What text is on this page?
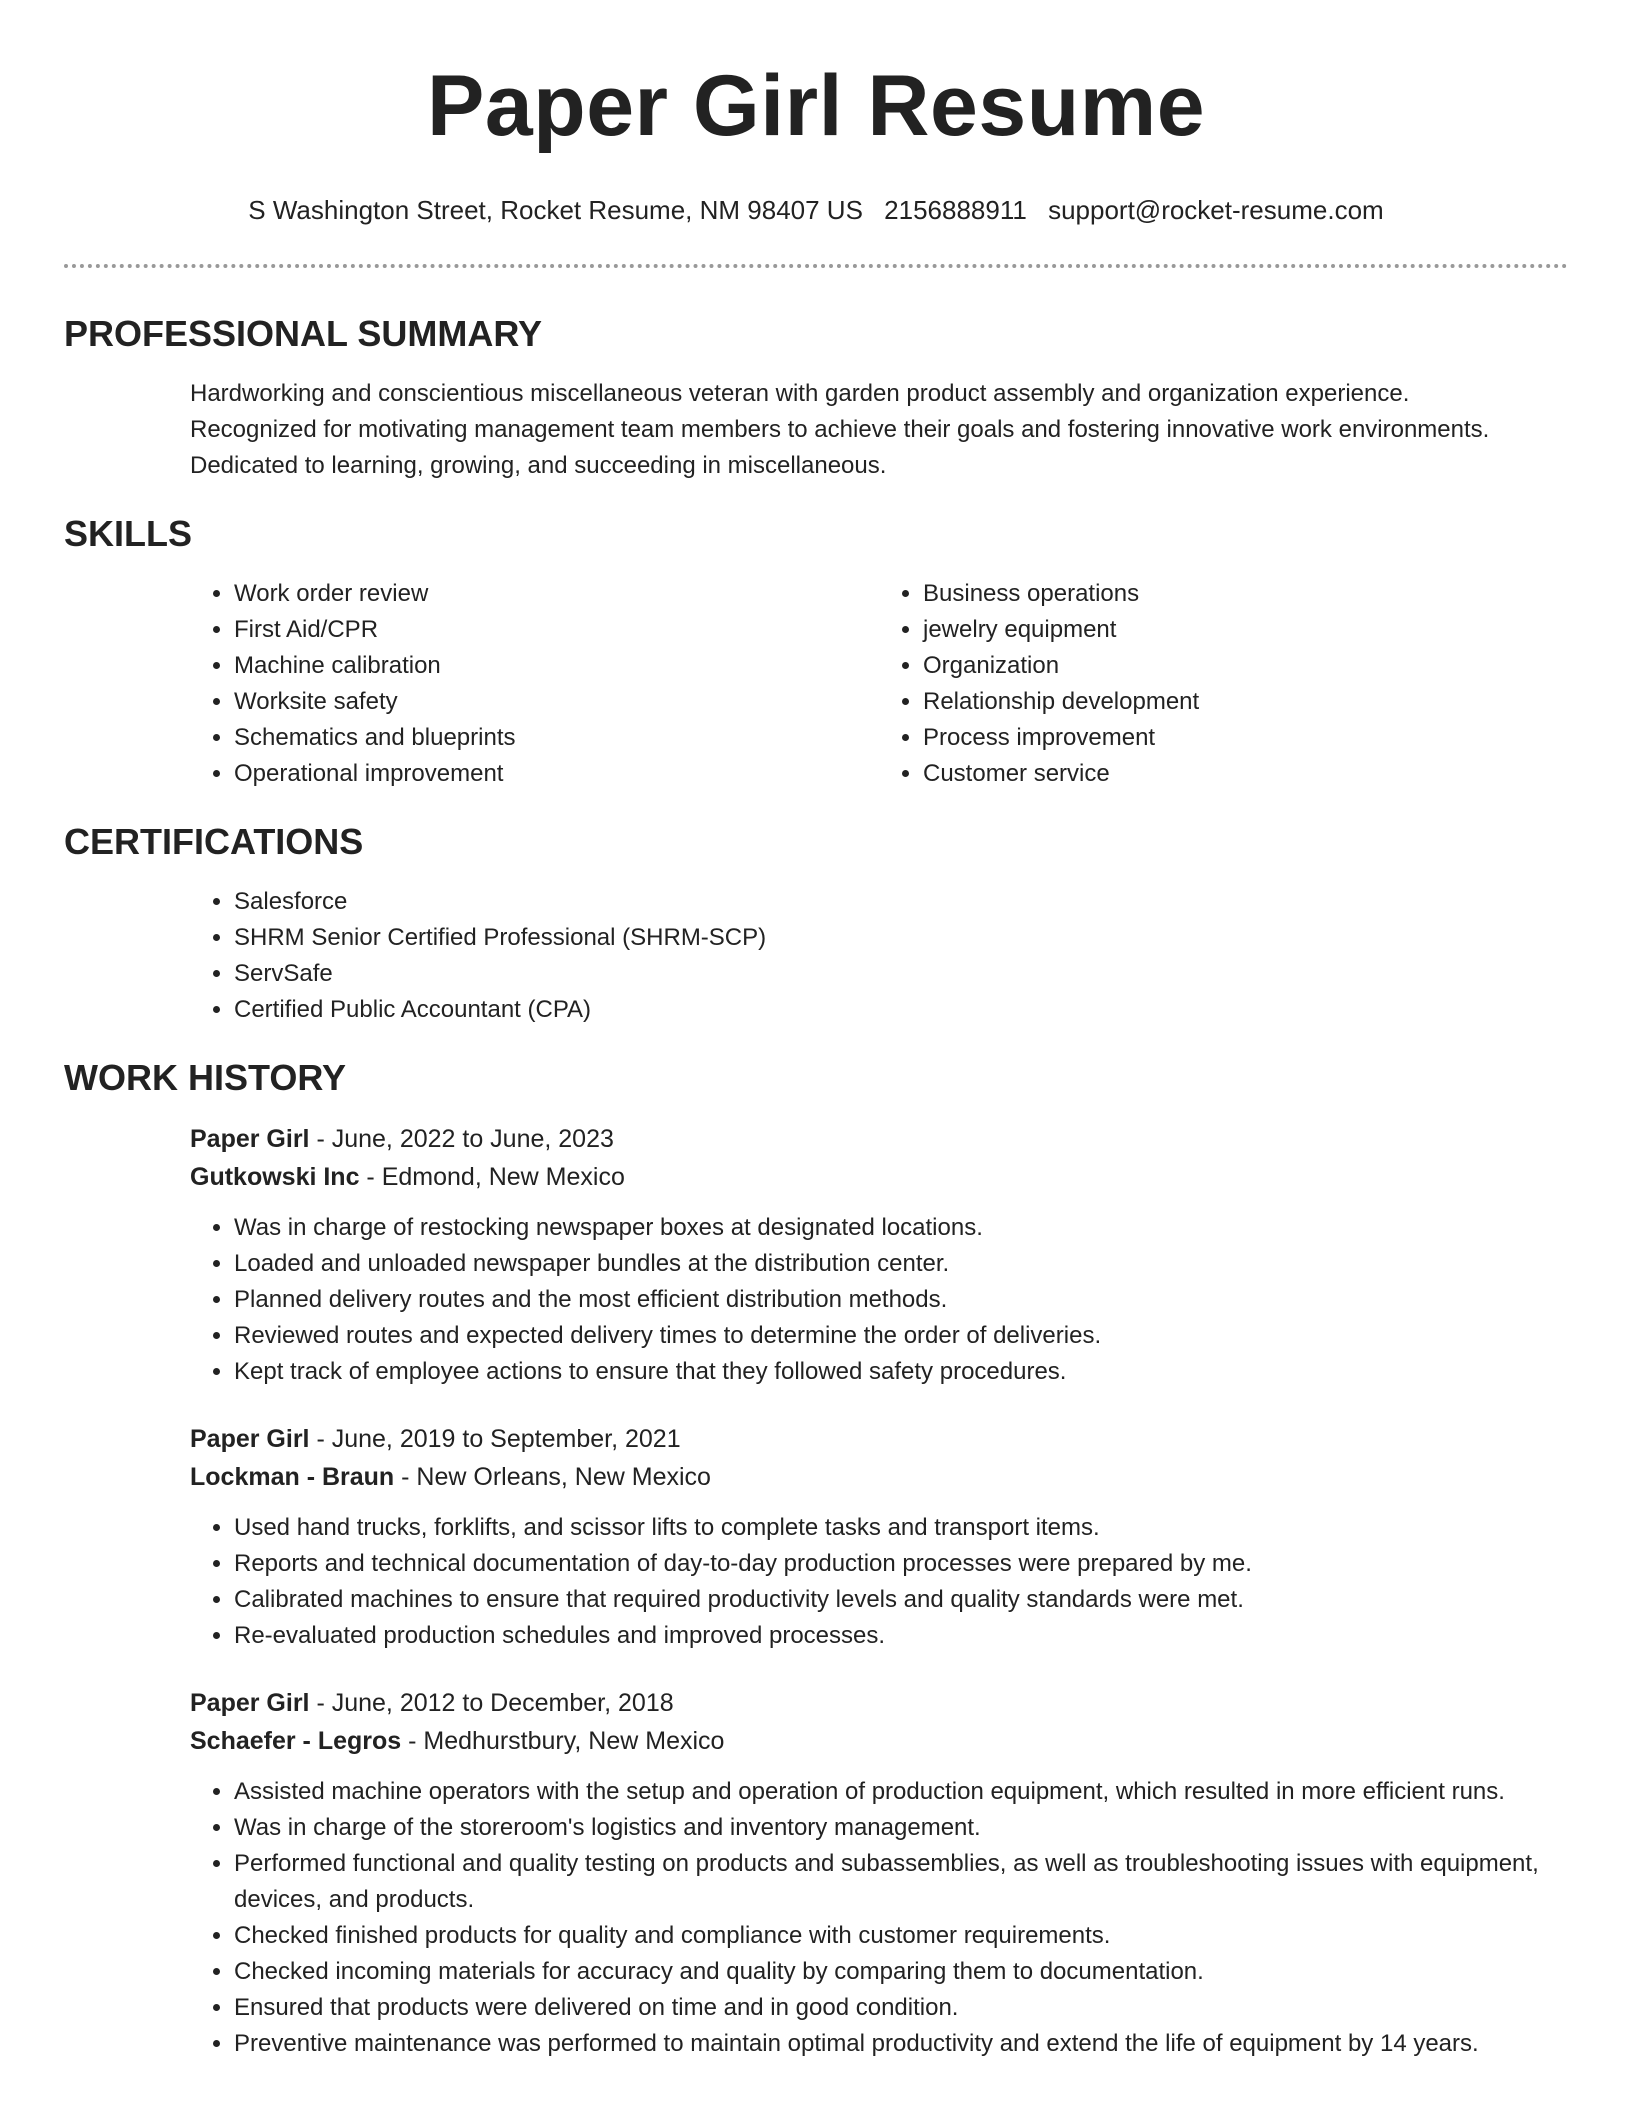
Paper Girl Resume
S Washington Street, Rocket Resume, NM 98407 US 2156888911 support@rocket-resume.com
PROFESSIONAL SUMMARY
Hardworking and conscientious miscellaneous veteran with garden product assembly and organization experience.
Recognized for motivating management team members to achieve their goals and fostering innovative work environments.
Dedicated to learning, growing, and succeeding in miscellaneous.
SKILLS
• Work order review
• First Aid/CPR
• Machine calibration
• Worksite safety
• Schematics and blueprints
• Operational improvement
• Business operations
• jewelry equipment
• Organization
• Relationship development
• Process improvement
• Customer service
CERTIFICATIONS
• Salesforce
• SHRM Senior Certified Professional (SHRM-SCP)
• ServSafe
• Certified Public Accountant (CPA)
WORK HISTORY
Paper Girl - June, 2022 to June, 2023
Gutkowski Inc - Edmond, New Mexico
• Was in charge of restocking newspaper boxes at designated locations.
• Loaded and unloaded newspaper bundles at the distribution center.
• Planned delivery routes and the most efficient distribution methods.
• Reviewed routes and expected delivery times to determine the order of deliveries.
• Kept track of employee actions to ensure that they followed safety procedures.
Paper Girl - June, 2019 to September, 2021
Lockman - Braun - New Orleans, New Mexico
• Used hand trucks, forklifts, and scissor lifts to complete tasks and transport items.
• Reports and technical documentation of day-to-day production processes were prepared by me.
• Calibrated machines to ensure that required productivity levels and quality standards were met.
• Re-evaluated production schedules and improved processes.
Paper Girl - June, 2012 to December, 2018
Schaefer - Legros - Medhurstbury, New Mexico
• Assisted machine operators with the setup and operation of production equipment, which resulted in more efficient runs.
• Was in charge of the storeroom's logistics and inventory management.
• Performed functional and quality testing on products and subassemblies, as well as troubleshooting issues with equipment, devices, and products.
• Checked finished products for quality and compliance with customer requirements.
• Checked incoming materials for accuracy and quality by comparing them to documentation.
• Ensured that products were delivered on time and in good condition.
• Preventive maintenance was performed to maintain optimal productivity and extend the life of equipment by 14 years.
